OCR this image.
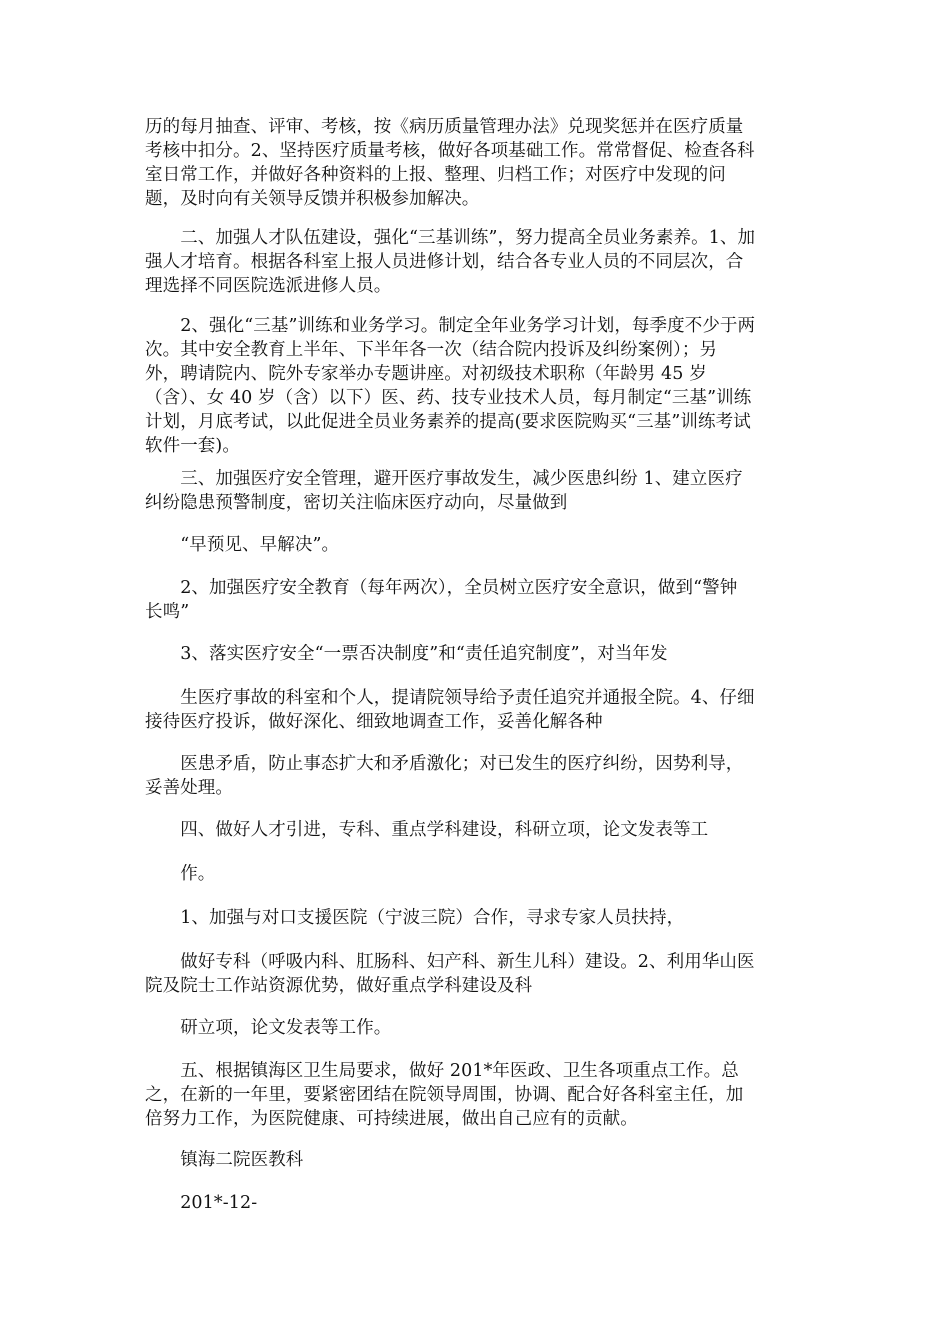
历的每月抽查、评审、考核，按《病历质量管理办法》兑现奖惩并在医疗质量

考核中扣分。2、坚持医疗质量考核，做好各项基础工作。常常督促、检查各科

室日常工作，并做好各种资料的上报、整理、归档工作；对医疗中发现的问

题，及时向有关领导反馈并积极参加解决。

　　二、加强人才队伍建设，强化“三基训练”，努力提高全员业务素养。1、加

强人才培育。根据各科室上报人员进修计划，结合各专业人员的不同层次，合

理选择不同医院选派进修人员。

　　2、强化“三基”训练和业务学习。制定全年业务学习计划，每季度不少于两

次。其中安全教育上半年、下半年各一次（结合院内投诉及纠纷案例）；另

外，聘请院内、院外专家举办专题讲座。对初级技术职称（年龄男 45 岁

（含）、女 40 岁（含）以下）医、药、技专业技术人员，每月制定“三基”训练

计划，月底考试，以此促进全员业务素养的提高(要求医院购买“三基”训练考试

软件一套)。

　　三、加强医疗安全管理，避开医疗事故发生，减少医患纠纷 1、建立医疗

纠纷隐患预警制度，密切关注临床医疗动向，尽量做到

　　“早预见、早解决”。

　　2、加强医疗安全教育（每年两次），全员树立医疗安全意识，做到“警钟

长鸣”

　　3、落实医疗安全“一票否决制度”和“责任追究制度”，对当年发

　　生医疗事故的科室和个人，提请院领导给予责任追究并通报全院。4、仔细

接待医疗投诉，做好深化、细致地调查工作，妥善化解各种

　　医患矛盾，防止事态扩大和矛盾激化；对已发生的医疗纠纷，因势利导，

妥善处理。

　　四、做好人才引进，专科、重点学科建设，科研立项，论文发表等工

　　作。

　　1、加强与对口支援医院（宁波三院）合作，寻求专家人员扶持，

　　做好专科（呼吸内科、肛肠科、妇产科、新生儿科）建设。2、利用华山医

院及院士工作站资源优势，做好重点学科建设及科

　　研立项，论文发表等工作。

　　五、根据镇海区卫生局要求，做好 201*年医政、卫生各项重点工作。总

之，在新的一年里，要紧密团结在院领导周围，协调、配合好各科室主任，加

倍努力工作，为医院健康、可持续进展，做出自己应有的贡献。

　　镇海二院医教科

　　201*-12-
